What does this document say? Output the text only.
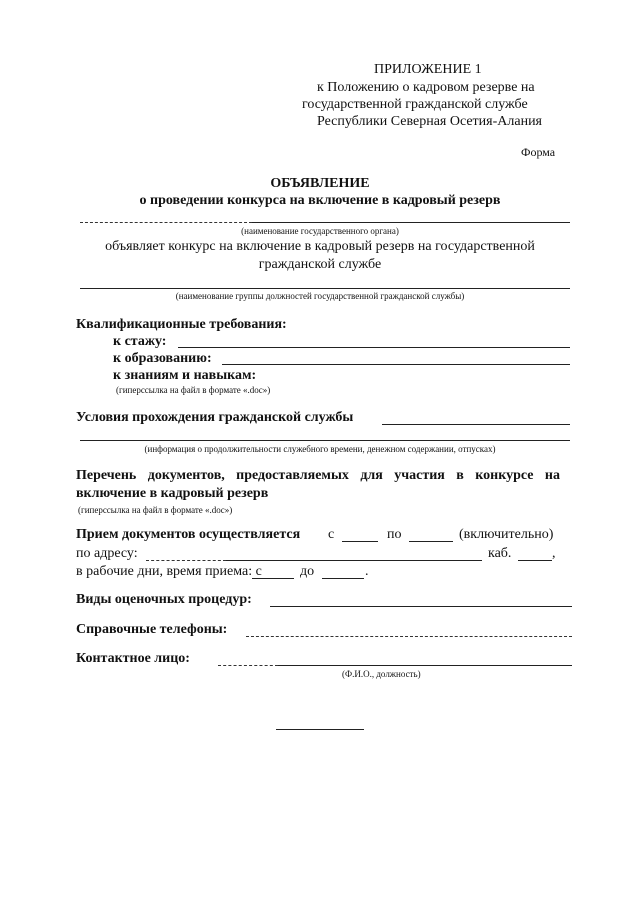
ПРИЛОЖЕНИЕ 1
к Положению о кадровом резерве на
государственной гражданской службе
Республики Северная Осетия-Алания
Форма
ОБЪЯВЛЕНИЕ
о проведении конкурса на включение в кадровый резерв
(наименование государственного органа)
объявляет конкурс на включение в кадровый резерв на государственной
гражданской службе
(наименование группы должностей государственной гражданской службы)
Квалификационные требования:
к стажу:
к образованию:
к знаниям и навыкам:
(гиперссылка на файл в формате «.doc»)
Условия прохождения гражданской службы
(информация о продолжительности служебного времени, денежном содержании, отпусках)
Перечень документов, предоставляемых для участия в конкурсе на
включение в кадровый резерв
(гиперссылка на файл в формате «.doc»)
Прием документов осуществляется с	по	(включительно)
по адресу:	каб.	,
в рабочие дни, время приема: с	до	.
Виды оценочных процедур:
Справочные телефоны:
Контактное лицо:
(Ф.И.О., должность)
